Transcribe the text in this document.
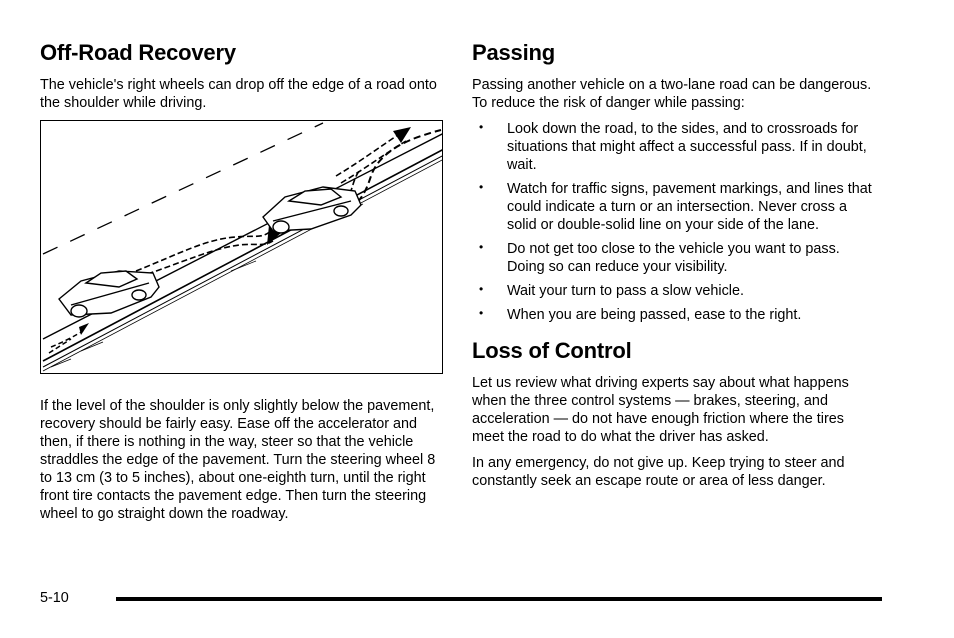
Off-Road Recovery

The vehicle's right wheels can drop off the edge of a road onto the shoulder while driving.

If the level of the shoulder is only slightly below the pavement, recovery should be fairly easy. Ease off the accelerator and then, if there is nothing in the way, steer so that the vehicle straddles the edge of the pavement. Turn the steering wheel 8 to 13 cm (3 to 5 inches), about one-eighth turn, until the right front tire contacts the pavement edge. Then turn the steering wheel to go straight down the roadway.

Passing

Passing another vehicle on a two-lane road can be dangerous. To reduce the risk of danger while passing:

• Look down the road, to the sides, and to crossroads for situations that might affect a successful pass. If in doubt, wait.
• Watch for traffic signs, pavement markings, and lines that could indicate a turn or an intersection. Never cross a solid or double-solid line on your side of the lane.
• Do not get too close to the vehicle you want to pass. Doing so can reduce your visibility.
• Wait your turn to pass a slow vehicle.
• When you are being passed, ease to the right.
Loss of Control

Let us review what driving experts say about what happens when the three control systems — brakes, steering, and acceleration — do not have enough friction where the tires meet the road to do what the driver has asked.

In any emergency, do not give up. Keep trying to steer and constantly seek an escape route or area of less danger.

5-10
